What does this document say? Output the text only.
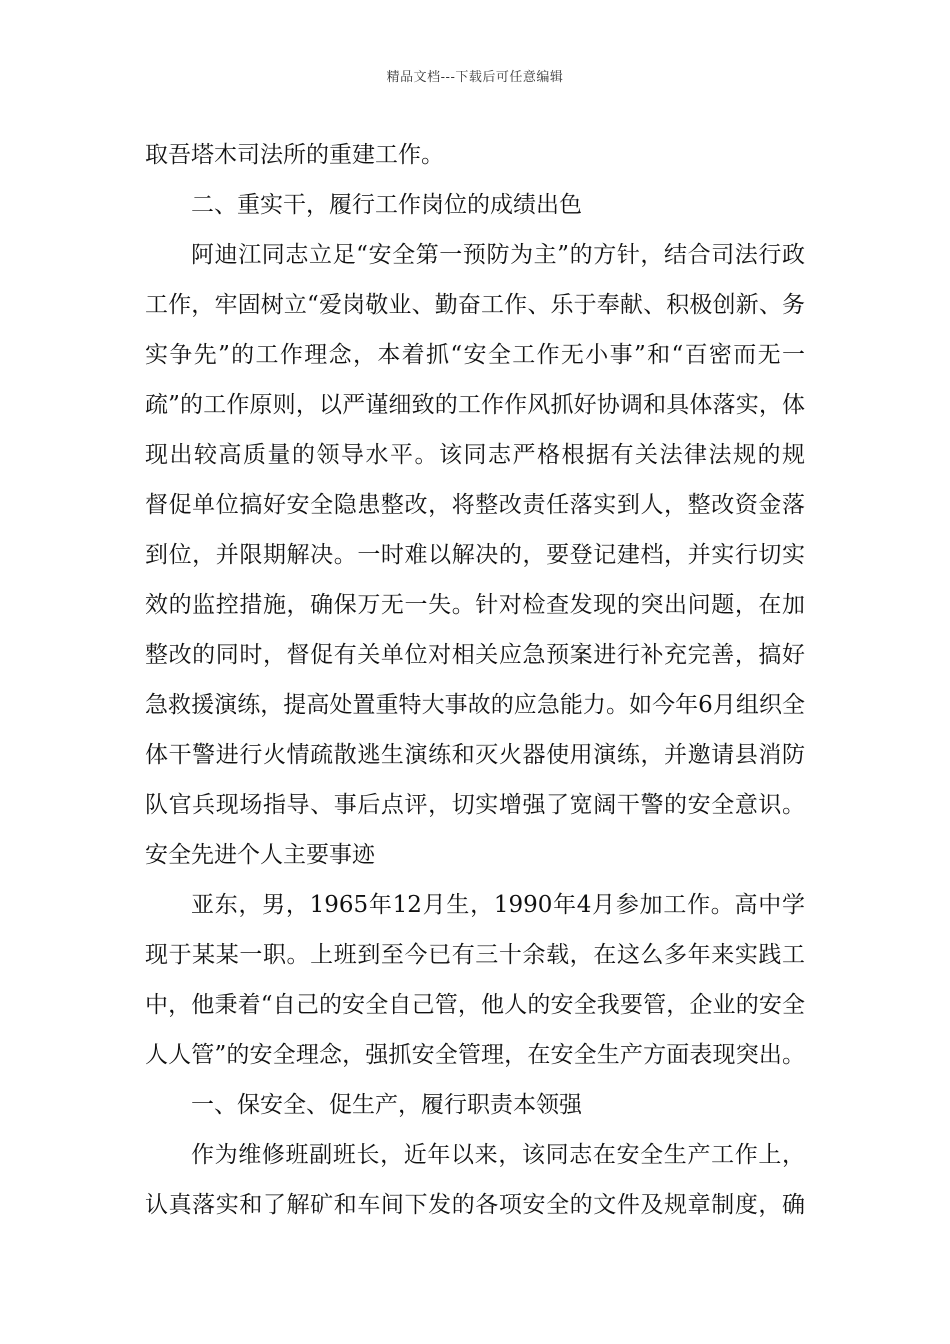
精品文档---下载后可任意编辑
取吾塔木司法所的重建工作。
二、重实干，履行工作岗位的成绩出色
阿迪江同志立足“安全第一预防为主”的方针，结合司法行政
工作，牢固树立“爱岗敬业、勤奋工作、乐于奉献、积极创新、务
实争先”的工作理念，本着抓“安全工作无小事”和“百密而无一
疏”的工作原则，以严谨细致的工作作风抓好协调和具体落实，体
现出较高质量的领导水平。该同志严格根据有关法律法规的规
督促单位搞好安全隐患整改，将整改责任落实到人，整改资金落
到位，并限期解决。一时难以解决的，要登记建档，并实行切实
效的监控措施，确保万无一失。针对检查发现的突出问题，在加
整改的同时，督促有关单位对相关应急预案进行补充完善，搞好
急救援演练，提高处置重特大事故的应急能力。如今年6月组织全
体干警进行火情疏散逃生演练和灭火器使用演练，并邀请县消防
队官兵现场指导、事后点评，切实增强了宽阔干警的安全意识。
安全先进个人主要事迹
亚东，男，1965年12月生，1990年4月参加工作。高中学
现于某某一职。上班到至今已有三十余载，在这么多年来实践工
中，他秉着“自己的安全自己管，他人的安全我要管，企业的安全
人人管”的安全理念，强抓安全管理，在安全生产方面表现突出。
一、保安全、促生产，履行职责本领强
作为维修班副班长，近年以来，该同志在安全生产工作上，
认真落实和了解矿和车间下发的各项安全的文件及规章制度，确
